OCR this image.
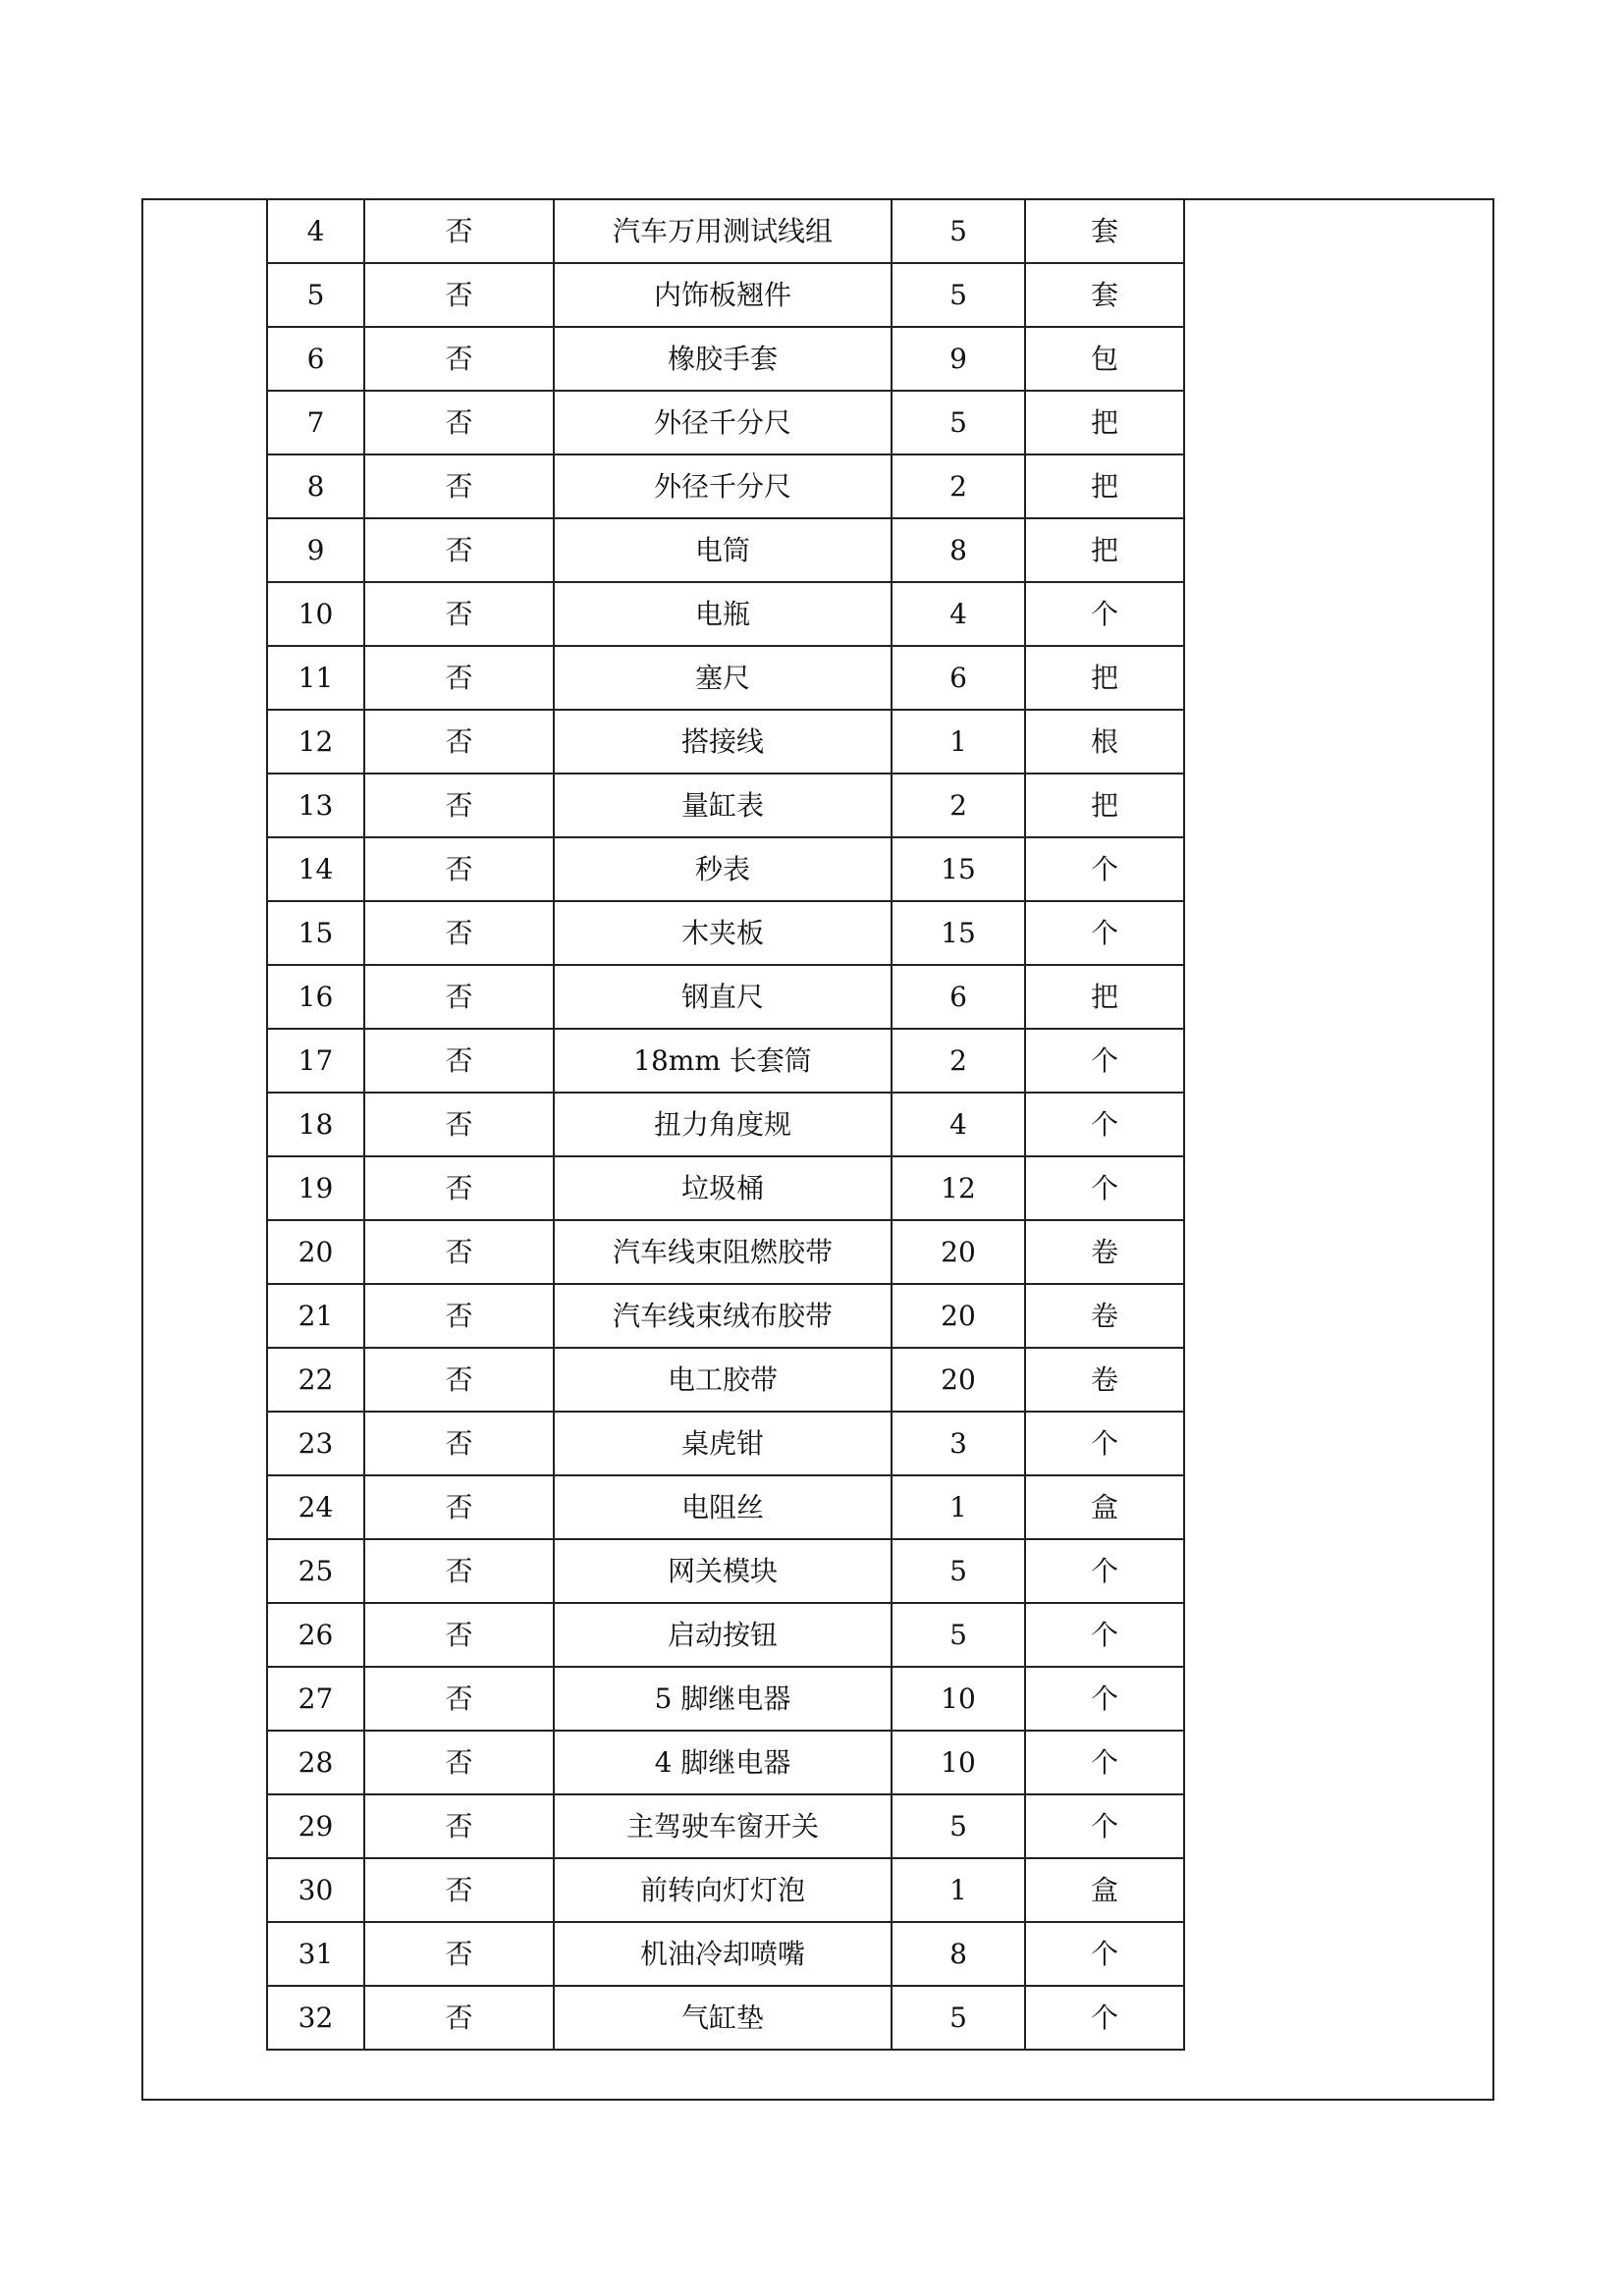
4	否	汽车万用测试线组	5	套
5	否	内饰板翘件	5	套
6	否	橡胶手套	9	包
7	否	外径千分尺	5	把
8	否	外径千分尺	2	把
9	否	电筒	8	把
10	否	电瓶	4	个
11	否	塞尺	6	把
12	否	搭接线	1	根
13	否	量缸表	2	把
14	否	秒表	15	个
15	否	木夹板	15	个
16	否	钢直尺	6	把
17	否	18mm 长套筒	2	个
18	否	扭力角度规	4	个
19	否	垃圾桶	12	个
20	否	汽车线束阻燃胶带	20	卷
21	否	汽车线束绒布胶带	20	卷
22	否	电工胶带	20	卷
23	否	桌虎钳	3	个
24	否	电阻丝	1	盒
25	否	网关模块	5	个
26	否	启动按钮	5	个
27	否	5 脚继电器	10	个
28	否	4 脚继电器	10	个
29	否	主驾驶车窗开关	5	个
30	否	前转向灯灯泡	1	盒
31	否	机油冷却喷嘴	8	个
32	否	气缸垫	5	个
